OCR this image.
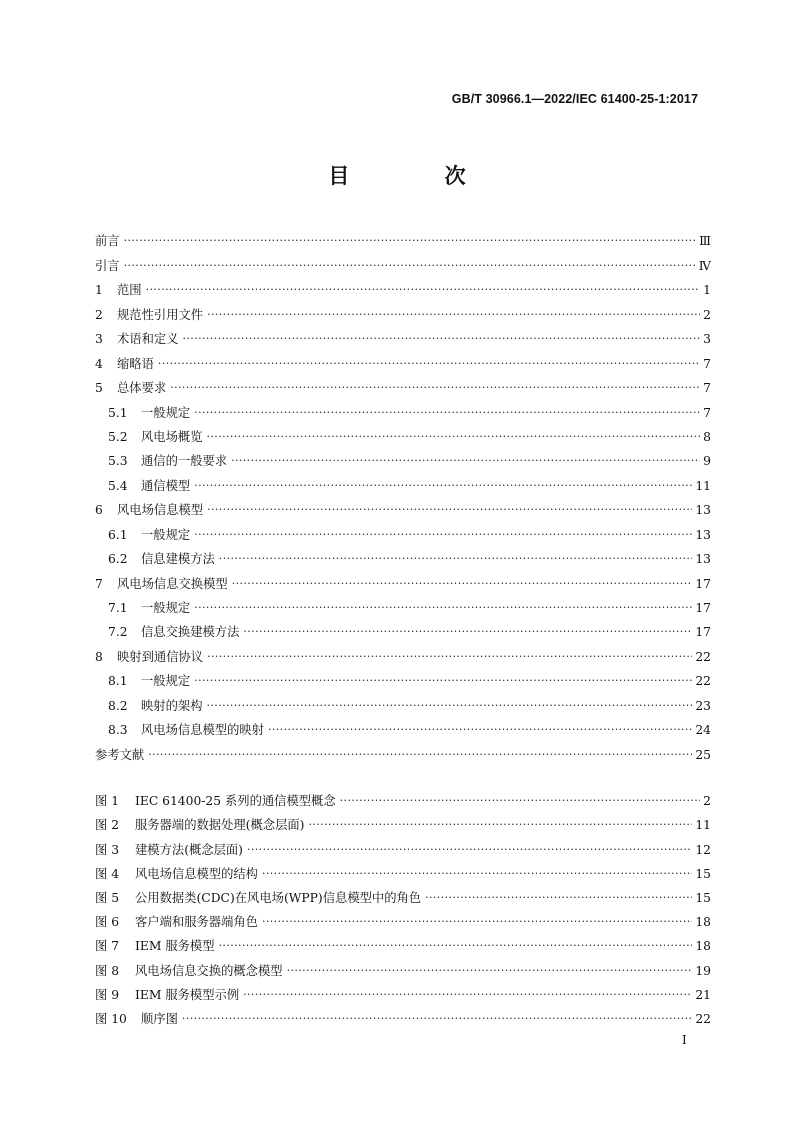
GB/T 30966.1—2022/IEC 61400-25-1:2017
目 次
前言 ·····	Ⅲ
引言 ·····	Ⅳ
1	范围 ·····	1
2	规范性引用文件 ·····	2
3	术语和定义 ·····	3
4	缩略语 ·····	7
5	总体要求 ·····	7
5.1	一般规定 ·····	7
5.2	风电场概览 ·····	8
5.3	通信的一般要求 ·····	9
5.4	通信模型 ·····	11
6	风电场信息模型 ·····	13
6.1	一般规定 ·····	13
6.2	信息建模方法 ·····	13
7	风电场信息交换模型 ·····	17
7.1	一般规定 ·····	17
7.2	信息交换建模方法 ·····	17
8	映射到通信协议 ·····	22
8.1	一般规定 ·····	22
8.2	映射的架构 ·····	23
8.3	风电场信息模型的映射 ·····	24
参考文献 ·····	25
图 1	IEC 61400-25 系列的通信模型概念 ·····	2
图 2	服务器端的数据处理(概念层面) ·····	11
图 3	建模方法(概念层面) ·····	12
图 4	风电场信息模型的结构 ·····	15
图 5	公用数据类(CDC)在风电场(WPP)信息模型中的角色 ·····	15
图 6	客户端和服务器端角色 ·····	18
图 7	IEM 服务模型 ·····	18
图 8	风电场信息交换的概念模型 ·····	19
图 9	IEM 服务模型示例 ·····	21
图 10	顺序图 ·····	22
I
